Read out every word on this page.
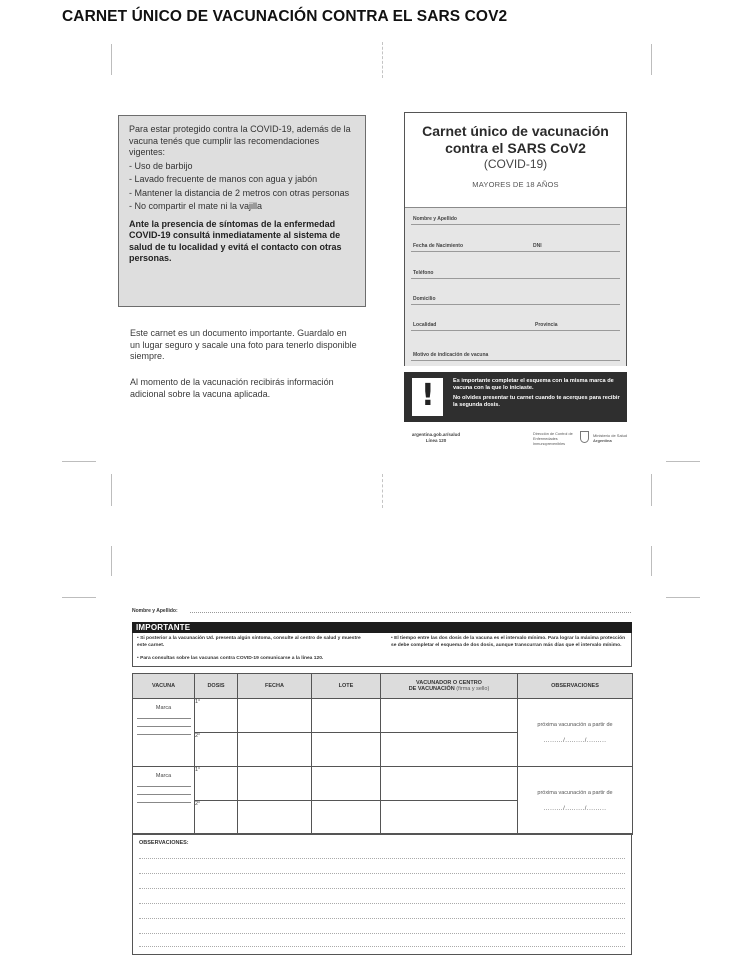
CARNET ÚNICO DE VACUNACIÓN CONTRA EL SARS COV2
Para estar protegido contra la COVID-19, además de la vacuna tenés que cumplir las recomendaciones vigentes:
- Uso de barbijo
- Lavado frecuente de manos con agua y jabón
- Mantener la distancia de 2 metros con otras personas
- No compartir el mate ni la vajilla
Ante la presencia de síntomas de la enfermedad COVID-19 consultá inmediatamente al sistema de salud de tu localidad y evitá el contacto con otras personas.
Este carnet es un documento importante. Guardalo en un lugar seguro y sacale una foto para tenerlo disponible siempre.
Al momento de la vacunación recibirás información adicional sobre la vacuna aplicada.
Carnet único de vacunación
contra el SARS CoV2
(COVID-19)
MAYORES DE 18 AÑOS
Nombre y Apellido
Fecha de Nacimiento	DNI
Teléfono
Domicilio
Localidad	Provincia
Motivo de indicación de vacuna
!	Es importante completar el esquema con la misma marca de vacuna con la que lo iniciaste.
No olvides presentar tu carnet cuando te acerques para recibir la segunda dosis.
argentina.gob.ar/salud
Línea 120
Dirección de Control de Enfermedades Inmunoprevenibles
Ministerio de Salud
Argentina
Nombre y Apellido:
IMPORTANTE
• Si posterior a la vacunación Ud. presenta algún síntoma, consulte al centro de salud y muestre este carnet.
• Para consultas sobre las vacunas contra COVID-19 comunicarse a la línea 120.
• El tiempo entre las dos dosis de la vacuna es el intervalo mínimo. Para lograr la máxima protección se debe completar el esquema de dos dosis, aunque transcurran más días que el intervalo mínimo.
VACUNA	DOSIS	FECHA	LOTE	VACUNADOR O CENTRO
DE VACUNACIÓN (firma y sello)	OBSERVACIONES

Marca	1°				próxima vacunación a partir de
........./........./.........

	2°				

Marca	1°				próxima vacunación a partir de
........./........./.........

	2°				
OBSERVACIONES:
